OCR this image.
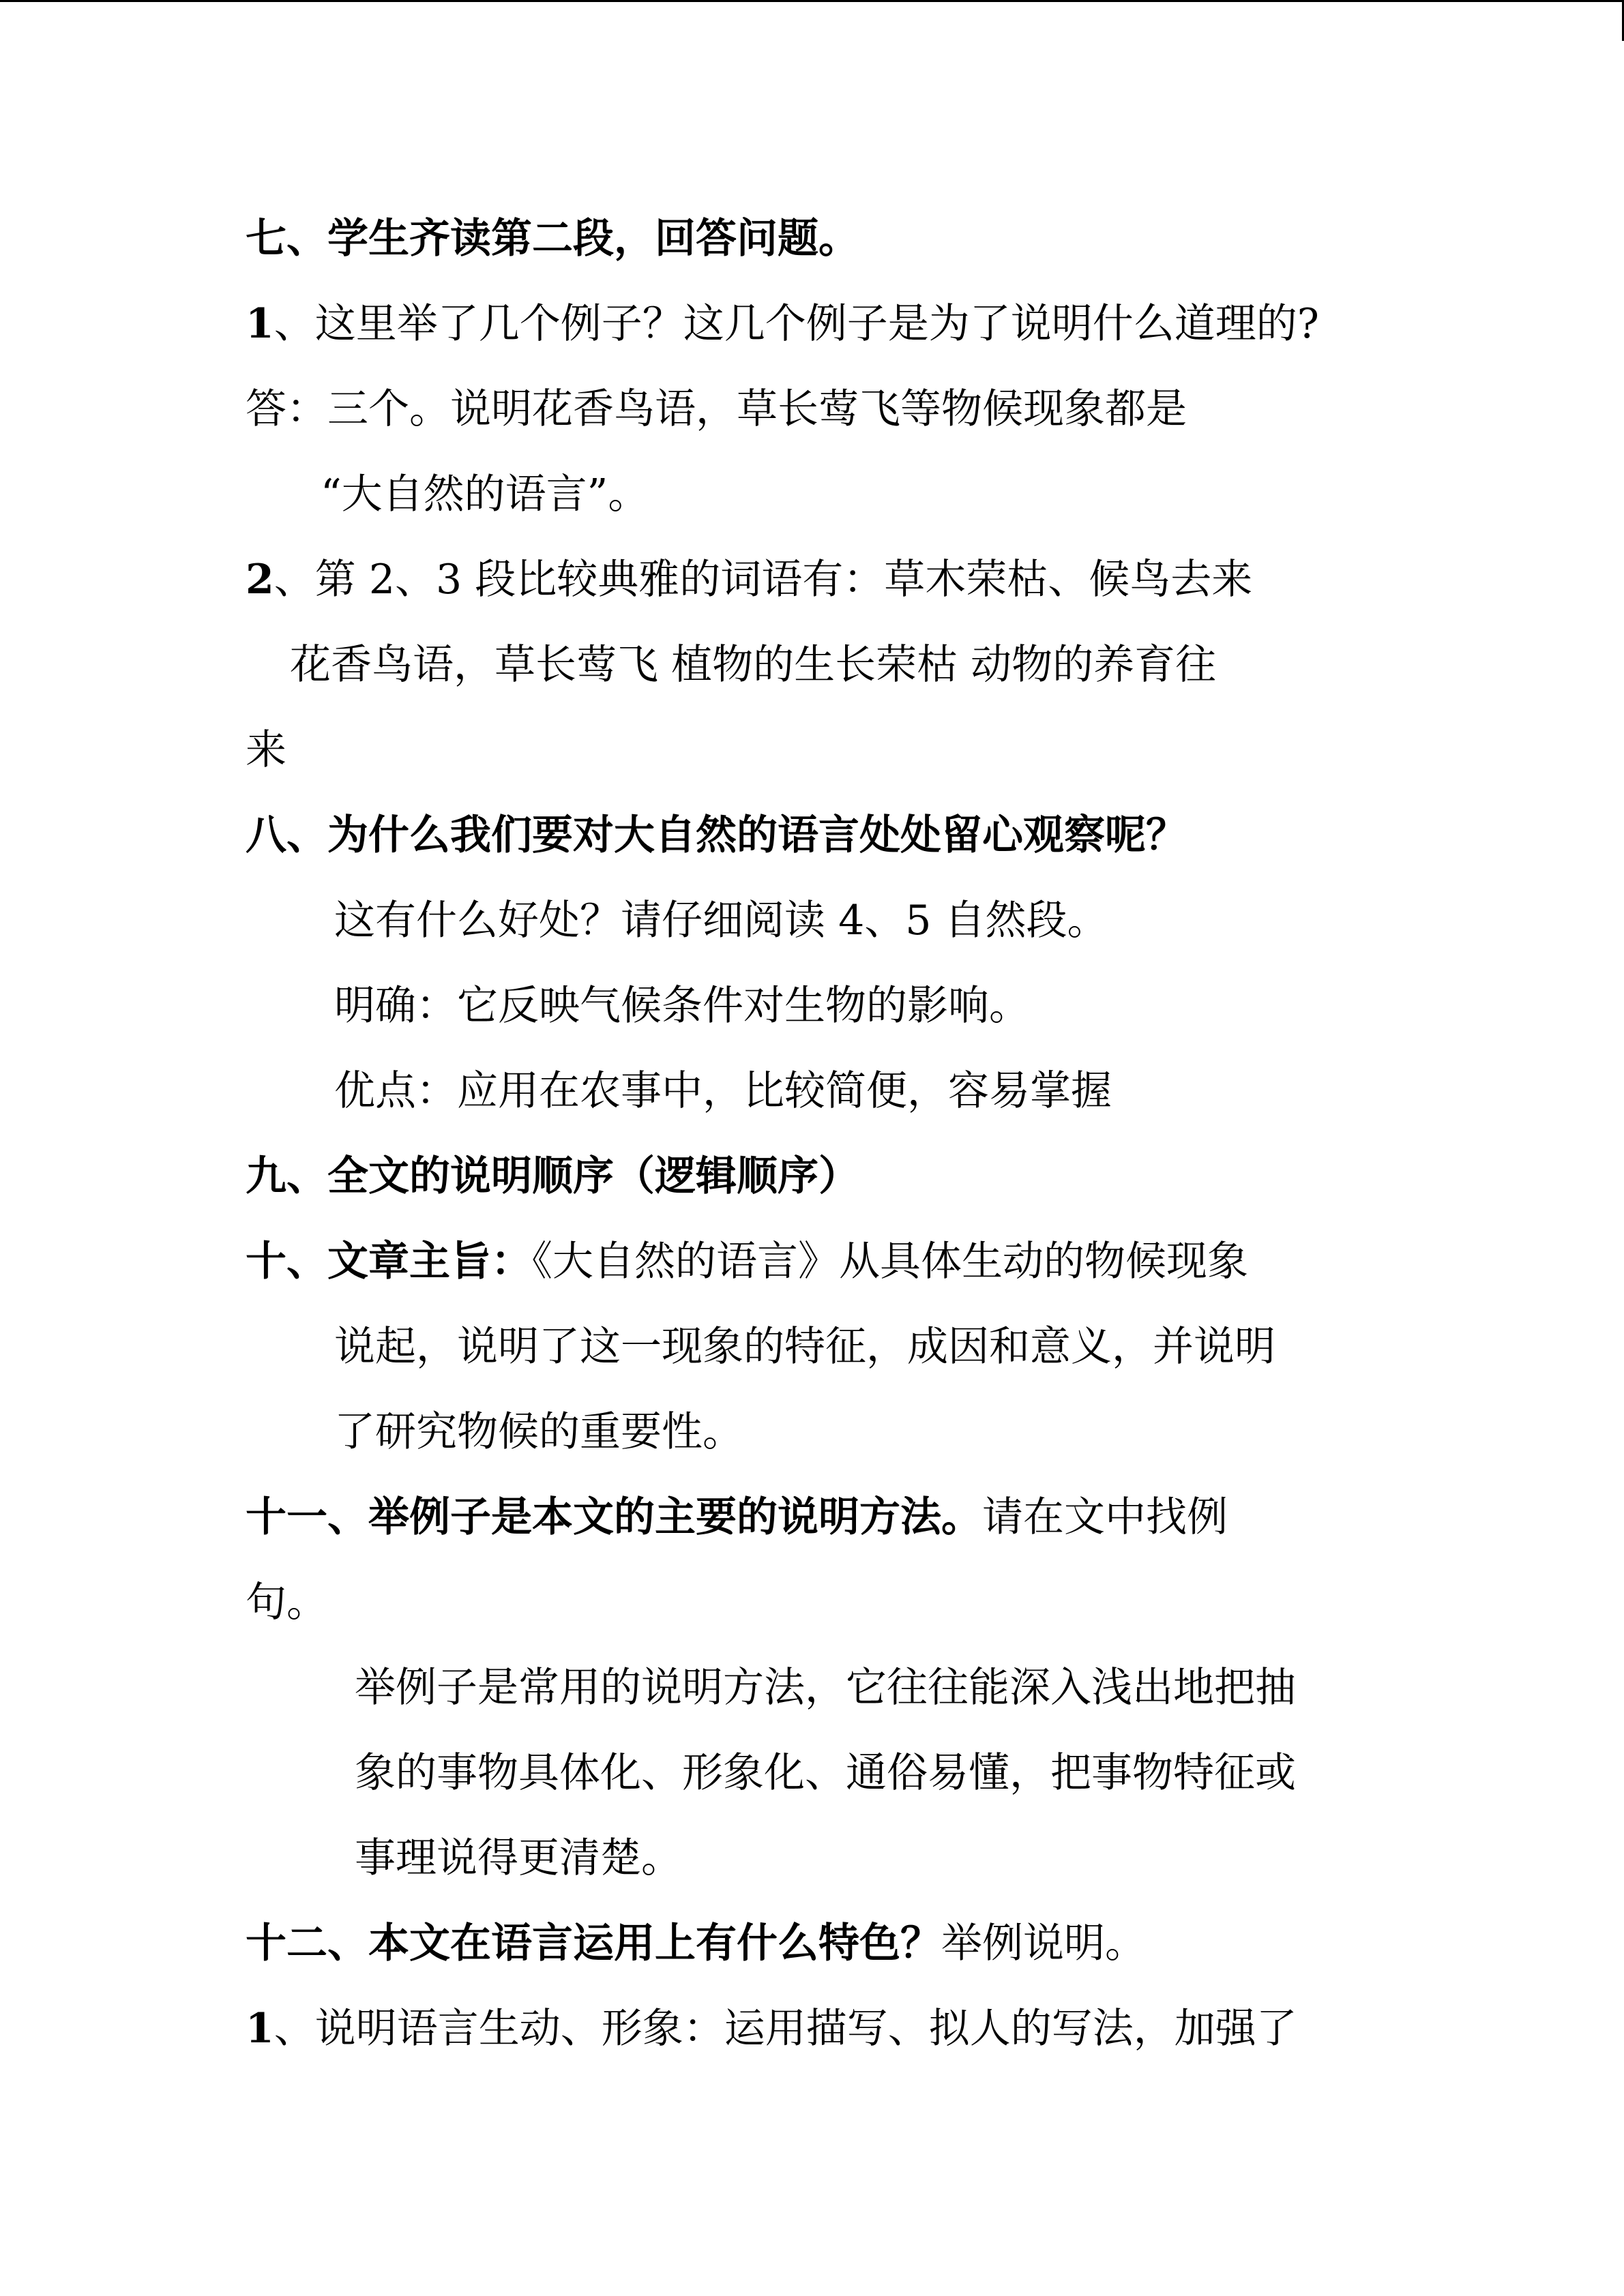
七、学生齐读第二段，回答问题。
1、这里举了几个例子？这几个例子是为了说明什么道理的?
答：三个。说明花香鸟语，草长莺飞等物候现象都是
“大自然的语言”。
2、第 2、3 段比较典雅的词语有：草木荣枯、候鸟去来
花香鸟语，草长莺飞 植物的生长荣枯 动物的养育往
来
八、为什么我们要对大自然的语言处处留心观察呢？
这有什么好处？请仔细阅读 4、5 自然段。
明确：它反映气候条件对生物的影响。
优点：应用在农事中，比较简便，容易掌握
九、全文的说明顺序（逻辑顺序）
十、文章主旨：《大自然的语言》从具体生动的物候现象
说起，说明了这一现象的特征，成因和意义，并说明
了研究物候的重要性。
十一、举例子是本文的主要的说明方法。请在文中找例
句。
举例子是常用的说明方法，它往往能深入浅出地把抽
象的事物具体化、形象化、通俗易懂，把事物特征或
事理说得更清楚。
十二、本文在语言运用上有什么特色？举例说明。
1、说明语言生动、形象：运用描写、拟人的写法，加强了
